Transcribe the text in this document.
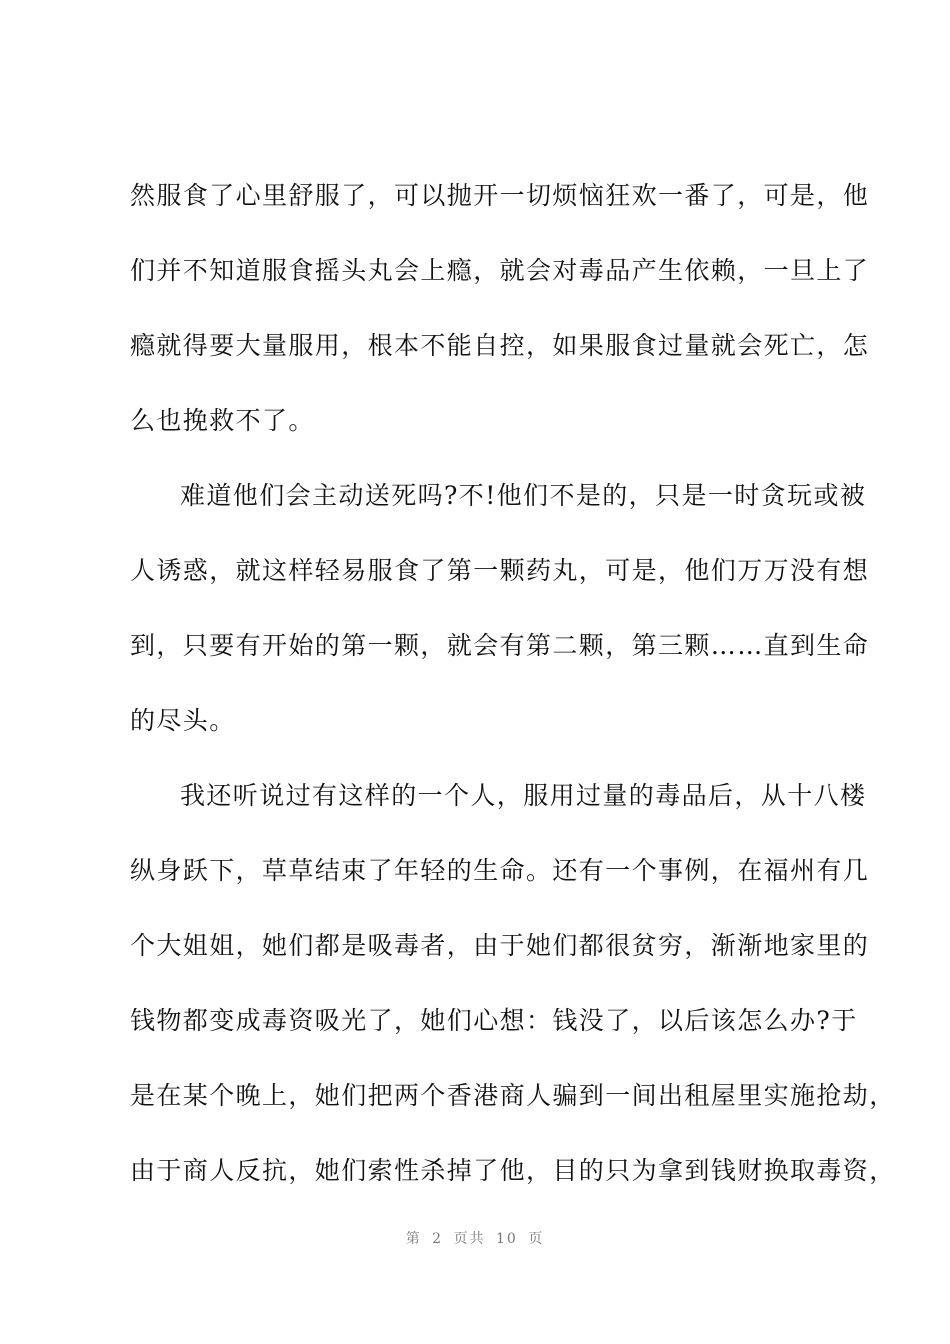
然服食了心里舒服了，可以抛开一切烦恼狂欢一番了，可是，他
们并不知道服食摇头丸会上瘾，就会对毒品产生依赖，一旦上了
瘾就得要大量服用，根本不能自控，如果服食过量就会死亡，怎
么也挽救不了。
难道他们会主动送死吗?不!他们不是的，只是一时贪玩或被
人诱惑，就这样轻易服食了第一颗药丸，可是，他们万万没有想
到，只要有开始的第一颗，就会有第二颗，第三颗……直到生命
的尽头。
我还听说过有这样的一个人，服用过量的毒品后，从十八楼
纵身跃下，草草结束了年轻的生命。还有一个事例，在福州有几
个大姐姐，她们都是吸毒者，由于她们都很贫穷，渐渐地家里的
钱物都变成毒资吸光了，她们心想：钱没了，以后该怎么办?于
是在某个晚上，她们把两个香港商人骗到一间出租屋里实施抢劫，
由于商人反抗，她们索性杀掉了他，目的只为拿到钱财换取毒资，
第 2 页共 10 页
